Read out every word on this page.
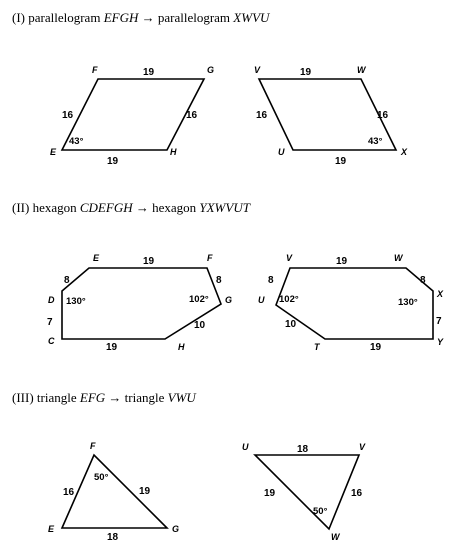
(I) parallelogram EFGH → parallelogram XWVU
F	G
E	H
19
16	16
19
43°
V	W
U	X
19
16	16
19
43°
(II) hexagon CDEFGH → hexagon YXWVUT
E	F
D	G
C
H
8
19
8
7	10
19
130°	102°
V	W
U
X
T	Y
8
19
8
7
10
19
102°	130°
(III) triangle EFG → triangle VWU
F
E	G
16	19
18
50°
U	V
W
18
19	16
50°
